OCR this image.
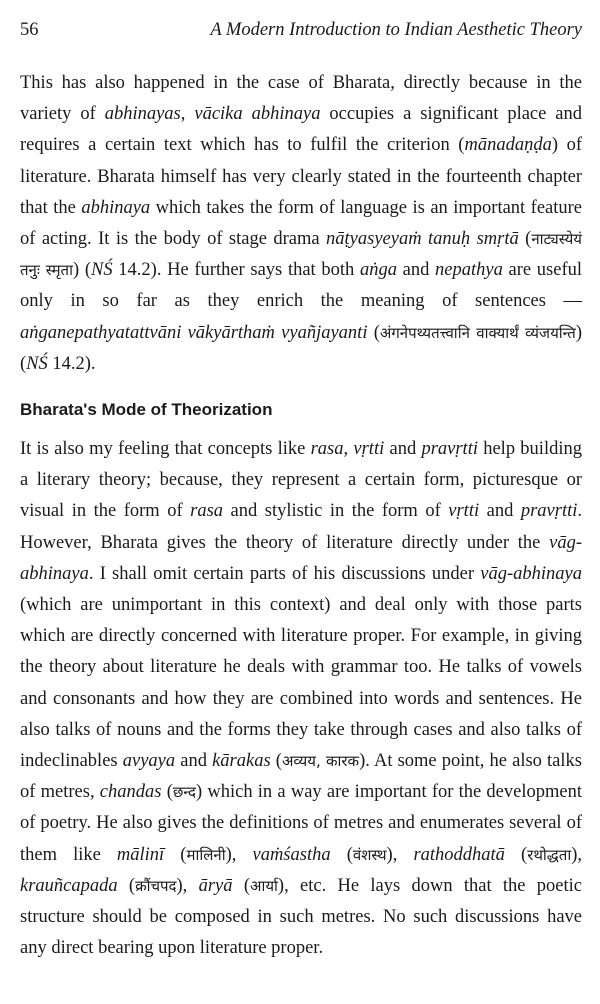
56	A Modern Introduction to Indian Aesthetic Theory

This has also happened in the case of Bharata, directly because in the variety of abhinayas, vācika abhinaya occupies a significant place and requires a certain text which has to fulfil the criterion (mānadaṇḍa) of literature. Bharata himself has very clearly stated in the fourteenth chapter that the abhinaya which takes the form of language is an important feature of acting. It is the body of stage drama nāṭyasyeyaṁ tanuḥ smṛtā (नाट्यस्येयं तनुः स्मृता) (NŚ 14.2). He further says that both aṅga and nepathya are useful only in so far as they enrich the meaning of sentences — aṅganepathyatattvāni vākyārthaṁ vyañjayanti (अंगनेपथ्यतत्त्वानि वाक्यार्थं व्यंजयन्ति) (NŚ 14.2).

Bharata's Mode of Theorization

It is also my feeling that concepts like rasa, vṛtti and pravṛtti help building a literary theory; because, they represent a certain form, picturesque or visual in the form of rasa and stylistic in the form of vṛtti and pravṛtti. However, Bharata gives the theory of literature directly under the vāg-abhinaya. I shall omit certain parts of his discussions under vāg-abhinaya (which are unimportant in this context) and deal only with those parts which are directly concerned with literature proper. For example, in giving the theory about literature he deals with grammar too. He talks of vowels and consonants and how they are combined into words and sentences. He also talks of nouns and the forms they take through cases and also talks of indeclinables avyaya and kārakas (अव्यय, कारक). At some point, he also talks of metres, chandas (छन्द) which in a way are important for the development of poetry. He also gives the definitions of metres and enumerates several of them like mālinī (मालिनी), vaṁśastha (वंशस्थ), rathoddhatā (रथोद्धता), krauñcapada (क्रौंचपद), āryā (आर्या), etc. He lays down that the poetic structure should be composed in such metres. No such discussions have any direct bearing upon literature proper.
